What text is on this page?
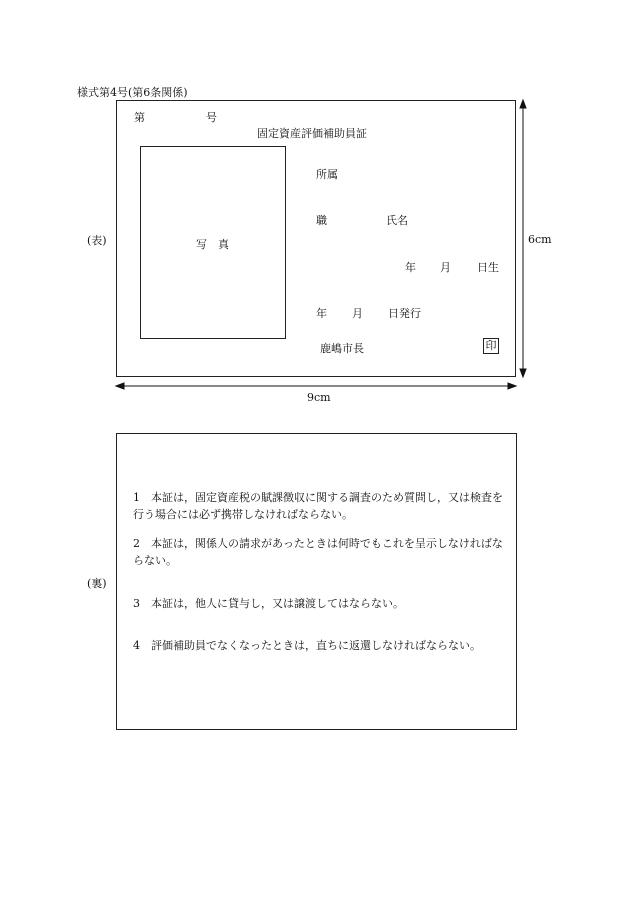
様式第4号(第6条関係)
(表)
第	号
固定資産評価補助員証
写　真
所属
職	氏名
年 月 日生
年 月 日発行
鹿嶋市長	印
9cm
6cm
(裏)

1　本証は，固定資産税の賦課徴収に関する調査のため質問し，又は検査を行う場合には必ず携帯しなければならない。

2　本証は，関係人の請求があったときは何時でもこれを呈示しなければならない。

3　本証は，他人に貸与し，又は譲渡してはならない。

4　評価補助員でなくなったときは，直ちに返還しなければならない。
